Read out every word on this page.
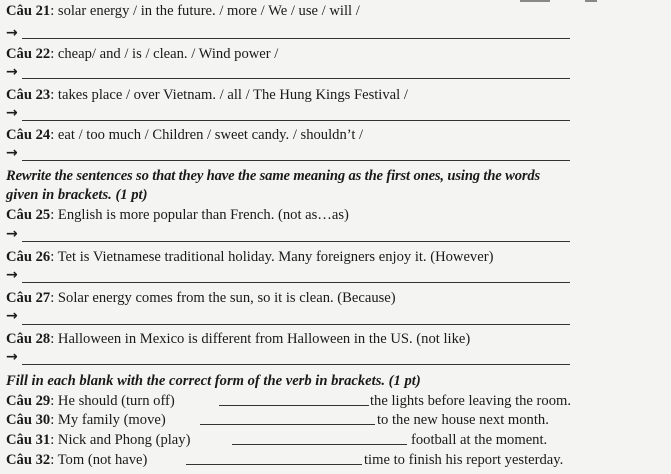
Câu 21: solar energy / in the future. / more / We / use / will /
→
Câu 22: cheap/ and / is / clean. / Wind power /
→
Câu 23: takes place / over Vietnam. / all / The Hung Kings Festival /
→
Câu 24: eat / too much / Children / sweet candy. / shouldn’t /
→
Rewrite the sentences so that they have the same meaning as the first ones, using the words
given in brackets. (1 pt)
Câu 25: English is more popular than French. (not as…as)
→
Câu 26: Tet is Vietnamese traditional holiday. Many foreigners enjoy it. (However)
→
Câu 27: Solar energy comes from the sun, so it is clean. (Because)
→
Câu 28: Halloween in Mexico is different from Halloween in the US. (not like)
→
Fill in each blank with the correct form of the verb in brackets. (1 pt)
Câu 29: He should (turn off)	the lights before leaving the room.
Câu 30: My family (move)	to the new house next month.
Câu 31: Nick and Phong (play)	football at the moment.
Câu 32: Tom (not have)	time to finish his report yesterday.
